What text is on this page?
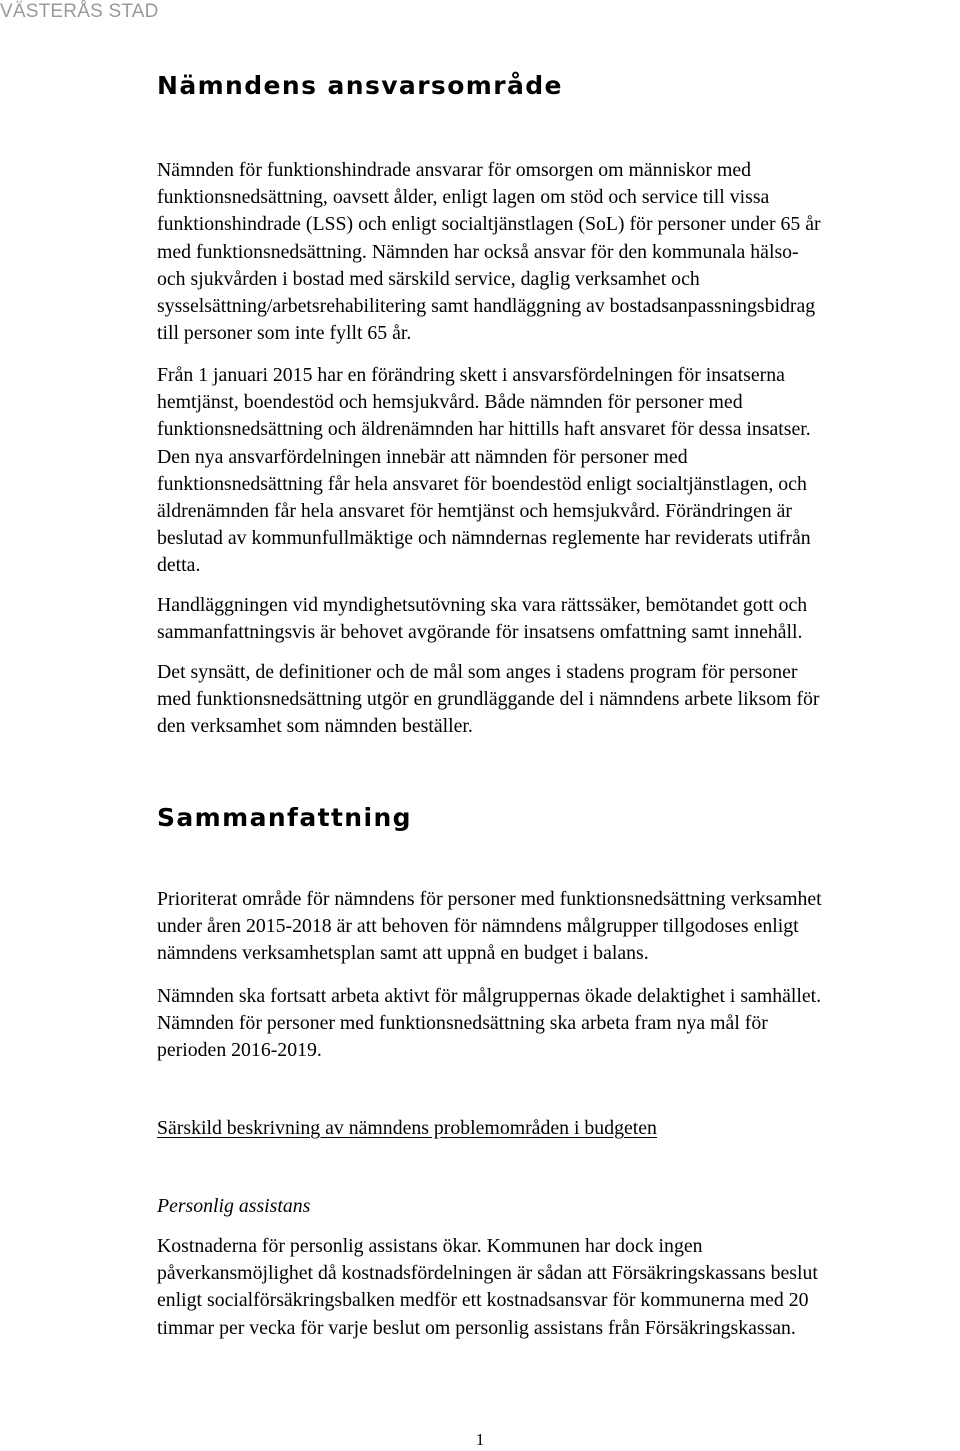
VÄSTERÅS STAD
Nämndens ansvarsområde
Nämnden för funktionshindrade ansvarar för omsorgen om människor med
funktionsnedsättning, oavsett ålder, enligt lagen om stöd och service till vissa
funktionshindrade (LSS) och enligt socialtjänstlagen (SoL) för personer under 65 år
med funktionsnedsättning. Nämnden har också ansvar för den kommunala hälso-
och sjukvården i bostad med särskild service, daglig verksamhet och
sysselsättning/arbetsrehabilitering samt handläggning av bostadsanpassningsbidrag
till personer som inte fyllt 65 år.
Från 1 januari 2015 har en förändring skett i ansvarsfördelningen för insatserna
hemtjänst, boendestöd och hemsjukvård. Både nämnden för personer med
funktionsnedsättning och äldrenämnden har hittills haft ansvaret för dessa insatser.
Den nya ansvarfördelningen innebär att nämnden för personer med
funktionsnedsättning får hela ansvaret för boendestöd enligt socialtjänstlagen, och
äldrenämnden får hela ansvaret för hemtjänst och hemsjukvård. Förändringen är
beslutad av kommunfullmäktige och nämndernas reglemente har reviderats utifrån
detta.
Handläggningen vid myndighetsutövning ska vara rättssäker, bemötandet gott och
sammanfattningsvis är behovet avgörande för insatsens omfattning samt innehåll.
Det synsätt, de definitioner och de mål som anges i stadens program för personer
med funktionsnedsättning utgör en grundläggande del i nämndens arbete liksom för
den verksamhet som nämnden beställer.
Sammanfattning
Prioriterat område för nämndens för personer med funktionsnedsättning verksamhet
under åren 2015-2018 är att behoven för nämndens målgrupper tillgodoses enligt
nämndens verksamhetsplan samt att uppnå en budget i balans.
Nämnden ska fortsatt arbeta aktivt för målgruppernas ökade delaktighet i samhället.
Nämnden för personer med funktionsnedsättning ska arbeta fram nya mål för
perioden 2016-2019.
Särskild beskrivning av nämndens problemområden i budgeten
Personlig assistans
Kostnaderna för personlig assistans ökar. Kommunen har dock ingen
påverkansmöjlighet då kostnadsfördelningen är sådan att Försäkringskassans beslut
enligt socialförsäkringsbalken medför ett kostnadsansvar för kommunerna med 20
timmar per vecka för varje beslut om personlig assistans från Försäkringskassan.
1
